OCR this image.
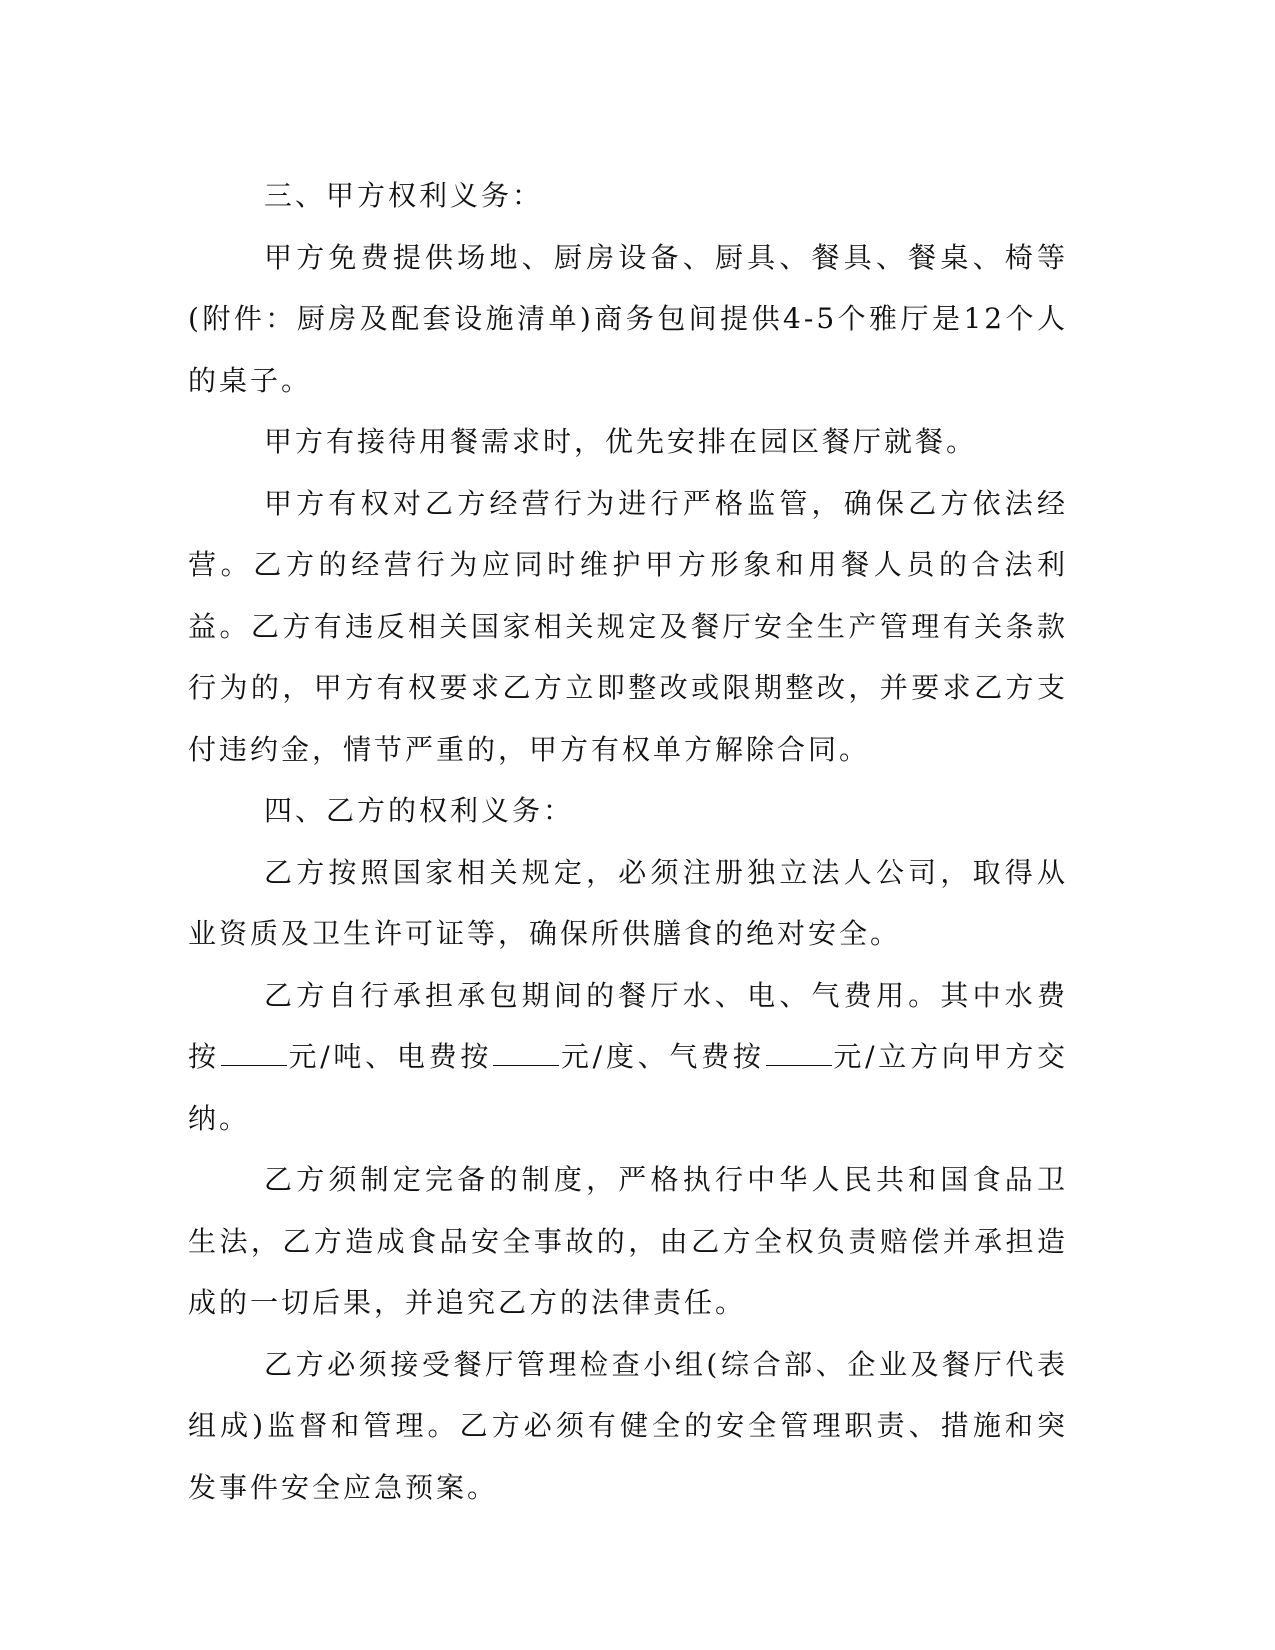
三、甲方权利义务：

甲方免费提供场地、厨房设备、厨具、餐具、餐桌、椅等(附件：厨房及配套设施清单)商务包间提供4-5个雅厅是12个人的桌子。

甲方有接待用餐需求时，优先安排在园区餐厅就餐。

甲方有权对乙方经营行为进行严格监管，确保乙方依法经营。乙方的经营行为应同时维护甲方形象和用餐人员的合法利益。乙方有违反相关国家相关规定及餐厅安全生产管理有关条款行为的，甲方有权要求乙方立即整改或限期整改，并要求乙方支付违约金，情节严重的，甲方有权单方解除合同。

四、乙方的权利义务：

乙方按照国家相关规定，必须注册独立法人公司，取得从业资质及卫生许可证等，确保所供膳食的绝对安全。

乙方自行承担承包期间的餐厅水、电、气费用。其中水费按 元/吨、电费按 元/度、气费按 元/立方向甲方交纳。

乙方须制定完备的制度，严格执行中华人民共和国食品卫生法，乙方造成食品安全事故的，由乙方全权负责赔偿并承担造成的一切后果，并追究乙方的法律责任。

乙方必须接受餐厅管理检查小组(综合部、企业及餐厅代表组成)监督和管理。乙方必须有健全的安全管理职责、措施和突发事件安全应急预案。
